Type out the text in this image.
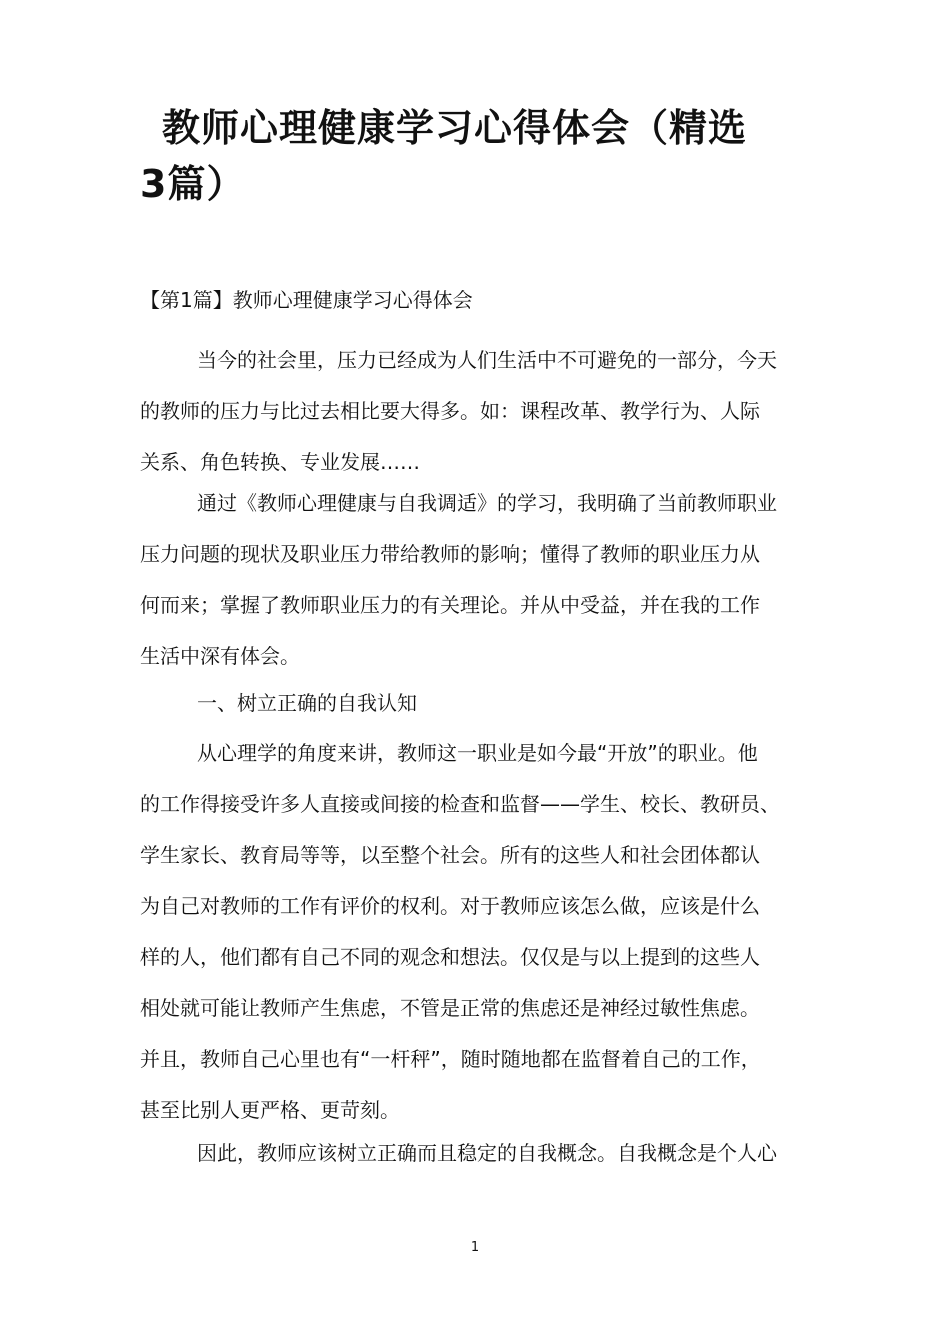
教师心理健康学习心得体会（精选
3篇）

【第1篇】教师心理健康学习心得体会

当今的社会里，压力已经成为人们生活中不可避免的一部分，今天
的教师的压力与比过去相比要大得多。如：课程改革、教学行为、人际
关系、角色转换、专业发展……

通过《教师心理健康与自我调适》的学习，我明确了当前教师职业
压力问题的现状及职业压力带给教师的影响；懂得了教师的职业压力从
何而来；掌握了教师职业压力的有关理论。并从中受益，并在我的工作
生活中深有体会。

一、树立正确的自我认知

从心理学的角度来讲，教师这一职业是如今最“开放”的职业。他
的工作得接受许多人直接或间接的检查和监督——学生、校长、教研员、
学生家长、教育局等等，以至整个社会。所有的这些人和社会团体都认
为自己对教师的工作有评价的权利。对于教师应该怎么做，应该是什么
样的人，他们都有自己不同的观念和想法。仅仅是与以上提到的这些人
相处就可能让教师产生焦虑，不管是正常的焦虑还是神经过敏性焦虑。
并且，教师自己心里也有“一杆秤”，随时随地都在监督着自己的工作，
甚至比别人更严格、更苛刻。

因此，教师应该树立正确而且稳定的自我概念。自我概念是个人心

1
